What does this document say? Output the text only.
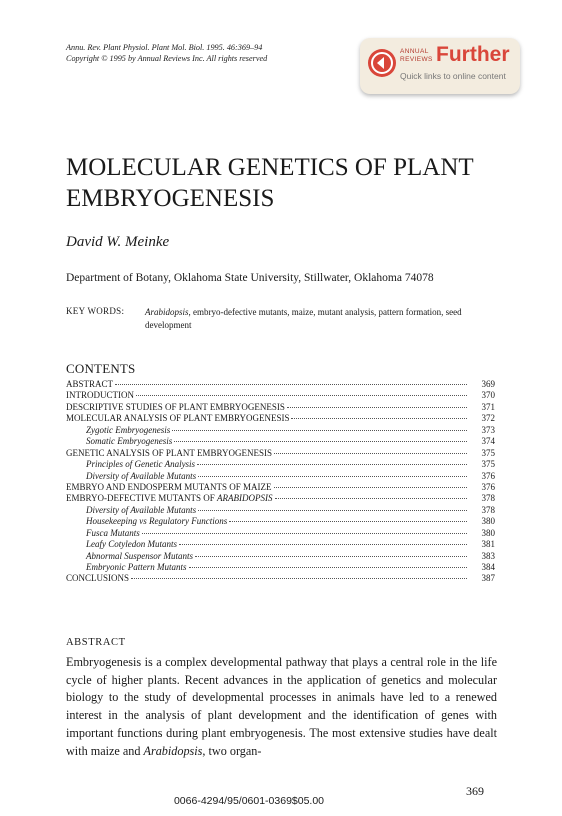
Annu. Rev. Plant Physiol. Plant Mol. Biol. 1995. 46:369–94
Copyright © 1995 by Annual Reviews Inc. All rights reserved
ANNUAL
REVIEWS Further
Quick links to online content
MOLECULAR GENETICS OF PLANT
EMBRYOGENESIS
David W. Meinke
Department of Botany, Oklahoma State University, Stillwater, Oklahoma 74078
KEY WORDS: Arabidopsis, embryo-defective mutants, maize, mutant analysis, pattern formation, seed development
CONTENTS
ABSTRACT	369
INTRODUCTION	370
DESCRIPTIVE STUDIES OF PLANT EMBRYOGENESIS	371
MOLECULAR ANALYSIS OF PLANT EMBRYOGENESIS	372
Zygotic Embryogenesis	373
Somatic Embryogenesis	374
GENETIC ANALYSIS OF PLANT EMBRYOGENESIS	375
Principles of Genetic Analysis	375
Diversity of Available Mutants	376
EMBRYO AND ENDOSPERM MUTANTS OF MAIZE	376
EMBRYO-DEFECTIVE MUTANTS OF ARABIDOPSIS	378
Diversity of Available Mutants	378
Housekeeping vs Regulatory Functions	380
Fusca Mutants	380
Leafy Cotyledon Mutants	381
Abnormal Suspensor Mutants	383
Embryonic Pattern Mutants	384
CONCLUSIONS	387
ABSTRACT
Embryogenesis is a complex developmental pathway that plays a central role in the life cycle of higher plants. Recent advances in the application of genetics and molecular biology to the study of developmental processes in animals have led to a renewed interest in the analysis of plant development and the identification of genes with important functions during plant embryogenesis. The most extensive studies have dealt with maize and Arabidopsis, two organ-
369
0066-4294/95/0601-0369$05.00
